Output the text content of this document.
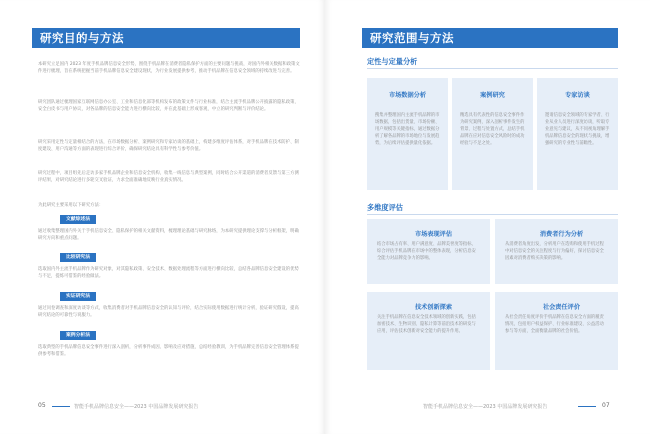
研究目的与方法
本研究立足国内 2023 年度手机品牌信息安全形势，围绕手机品牌在消费者隐私保护方面的主要问题与挑战，对国内外相关数据和政策文件进行梳理，旨在系统把握当前手机品牌信息安全建设现状，为行业发展提供参考，推动手机品牌在信息安全领域的持续改进与完善。
研究团队通过梳理国家互联网信息办公室、工业和信息化部等机构发布的政策文件与行业标准，结合主流手机品牌公开披露的隐私政策、安全白皮书与用户协议，对各品牌的信息安全能力进行横向比较，并在此基础上形成客观、中立的研究判断与评价结论。
研究采用定性与定量相结合的方法，在市场数据分析、案例研究和专家访谈的基础上，构建多维度评估体系，对手机品牌在技术防护、制度建设、用户沟通等方面的表现进行综合评价，确保研究结论具有科学性与参考价值。
研究过程中，项目组先后走访多家手机品牌企业和信息安全机构，收集一线信息与典型案例，同时结合公开渠道的消费者反馈与第三方测评结果，对研究结论进行多轮交叉验证，力求全面准确地反映行业真实情况。
为此研究主要采用以下研究方法：
文献综述法
通过收集整理国内外关于手机信息安全、隐私保护的相关文献资料，梳理理论基础与研究脉络，为本研究提供理论支撑与分析框架，明确研究方向和重点问题。
比较研究法
选取国内外主流手机品牌作为研究对象，对其隐私政策、安全技术、数据处理流程等方面进行横向比较，总结各品牌信息安全建设的优势与不足，提炼可借鉴的经验做法。
实证研究法
通过问卷调查和深度访谈等方式，收集消费者对手机品牌信息安全的认知与评价，结合实际使用数据进行统计分析，验证研究假设，提高研究结论的可靠性与说服力。
案例分析法
选取典型的手机品牌信息安全事件进行深入剖析，分析事件成因、影响及应对措施，总结经验教训，为手机品牌完善信息安全管理体系提供参考和借鉴。
05	智能手机品牌信息安全——2023 中国品牌发展研究报告
研究范围与方法
定性与定量分析
市场数据分析
搜集并整理国内主流手机品牌的市场数据，包括出货量、市场份额、用户规模等关键指标，通过数据分析了解各品牌的市场地位与发展趋势，为后续评估提供量化依据。
案例研究
精选具有代表性的信息安全事件作为研究案例，深入剖析事件发生的背景、过程与处置方式，总结手机品牌在应对信息安全风险时的成功经验与不足之处。
专家访谈
邀请信息安全领域的专家学者、行业从业人员进行深度访谈，听取专业意见与建议，从不同视角理解手机品牌信息安全的现状与挑战，增强研究的专业性与前瞻性。
多维度评估
市场表现评估
结合市场占有率、用户满意度、品牌美誉度等指标，综合评估手机品牌在市场中的整体表现，分析信息安全能力对品牌竞争力的影响。
消费者行为分析
从消费者角度出发，分析用户在选购和使用手机过程中对信息安全的关注程度与行为偏好，探讨信息安全因素对消费者购买决策的影响。
技术创新探索
关注手机品牌在信息安全技术领域的创新实践，包括加密技术、生物识别、隐私计算等前沿技术的研发与应用，评估技术创新对安全能力的提升作用。
社会责任评价
从社会责任角度评价手机品牌在信息安全方面的履责情况，包括用户权益保护、行业标准建设、公益活动参与等方面，全面衡量品牌的社会价值。
智能手机品牌信息安全——2023 中国品牌发展研究报告	07
